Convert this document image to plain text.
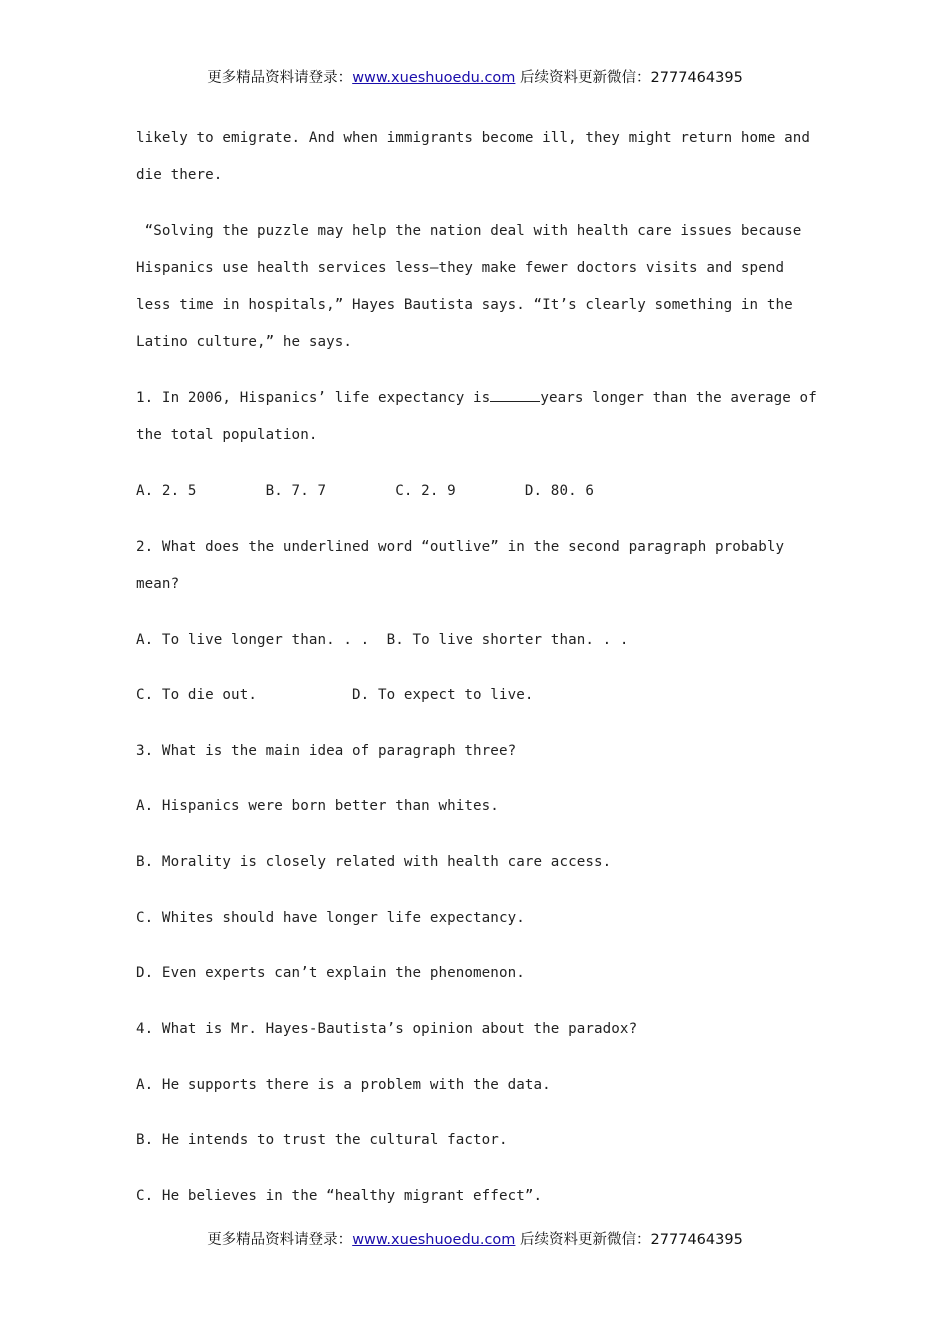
更多精品资料请登录：www.xueshuoedu.com 后续资料更新微信：2777464395
likely to emigrate. And when immigrants become ill, they might return home and
die there.
“Solving the puzzle may help the nation deal with health care issues because
Hispanics use health services less—they make fewer doctors visits and spend
less time in hospitals,” Hayes Bautista says. “It’s clearly something in the
Latino culture,” he says.
1. In 2006, Hispanics’ life expectancy is	years longer than the average of
the total population.
A. 2. 5        B. 7. 7        C. 2. 9        D. 80. 6
2. What does the underlined word “outlive” in the second paragraph probably
mean?
A. To live longer than. . .  B. To live shorter than. . .
C. To die out.           D. To expect to live.
3. What is the main idea of paragraph three?
A. Hispanics were born better than whites.
B. Morality is closely related with health care access.
C. Whites should have longer life expectancy.
D. Even experts can’t explain the phenomenon.
4. What is Mr. Hayes-Bautista’s opinion about the paradox?
A. He supports there is a problem with the data.
B. He intends to trust the cultural factor.
C. He believes in the “healthy migrant effect”.
更多精品资料请登录：www.xueshuoedu.com 后续资料更新微信：2777464395
